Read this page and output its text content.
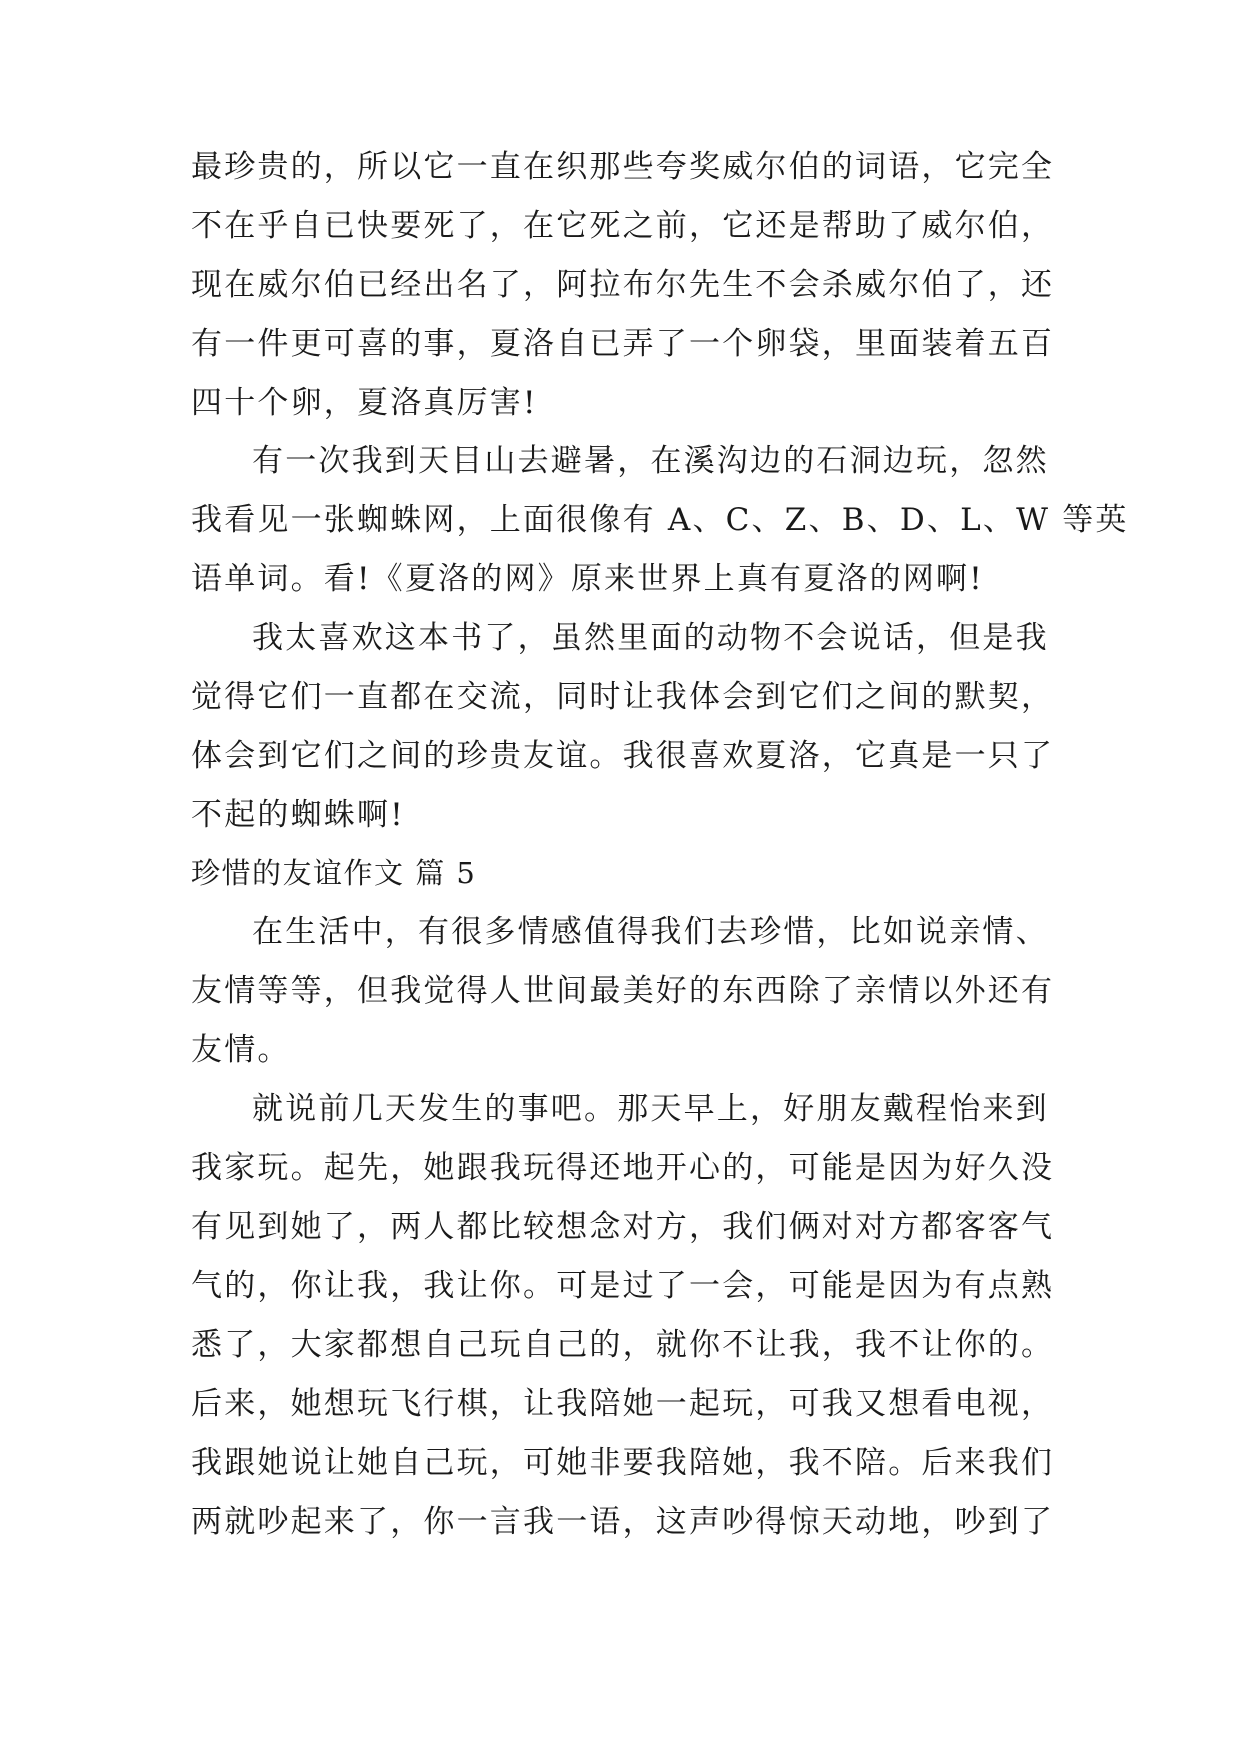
最珍贵的，所以它一直在织那些夸奖威尔伯的词语，它完全
不在乎自已快要死了，在它死之前，它还是帮助了威尔伯，
现在威尔伯已经出名了，阿拉布尔先生不会杀威尔伯了，还
有一件更可喜的事，夏洛自已弄了一个卵袋，里面装着五百
四十个卵，夏洛真厉害!
有一次我到天目山去避暑，在溪沟边的石洞边玩，忽然
我看见一张蜘蛛网，上面很像有 A、C、Z、B、D、L、W 等英
语单词。看!《夏洛的网》原来世界上真有夏洛的网啊!
我太喜欢这本书了，虽然里面的动物不会说话，但是我
觉得它们一直都在交流，同时让我体会到它们之间的默契，
体会到它们之间的珍贵友谊。我很喜欢夏洛，它真是一只了
不起的蜘蛛啊!
珍惜的友谊作文 篇 5
在生活中，有很多情感值得我们去珍惜，比如说亲情、
友情等等，但我觉得人世间最美好的东西除了亲情以外还有
友情。
就说前几天发生的事吧。那天早上，好朋友戴程怡来到
我家玩。起先，她跟我玩得还地开心的，可能是因为好久没
有见到她了，两人都比较想念对方，我们俩对对方都客客气
气的，你让我，我让你。可是过了一会，可能是因为有点熟
悉了，大家都想自己玩自己的，就你不让我，我不让你的。
后来，她想玩飞行棋，让我陪她一起玩，可我又想看电视，
我跟她说让她自己玩，可她非要我陪她，我不陪。后来我们
两就吵起来了，你一言我一语，这声吵得惊天动地，吵到了
